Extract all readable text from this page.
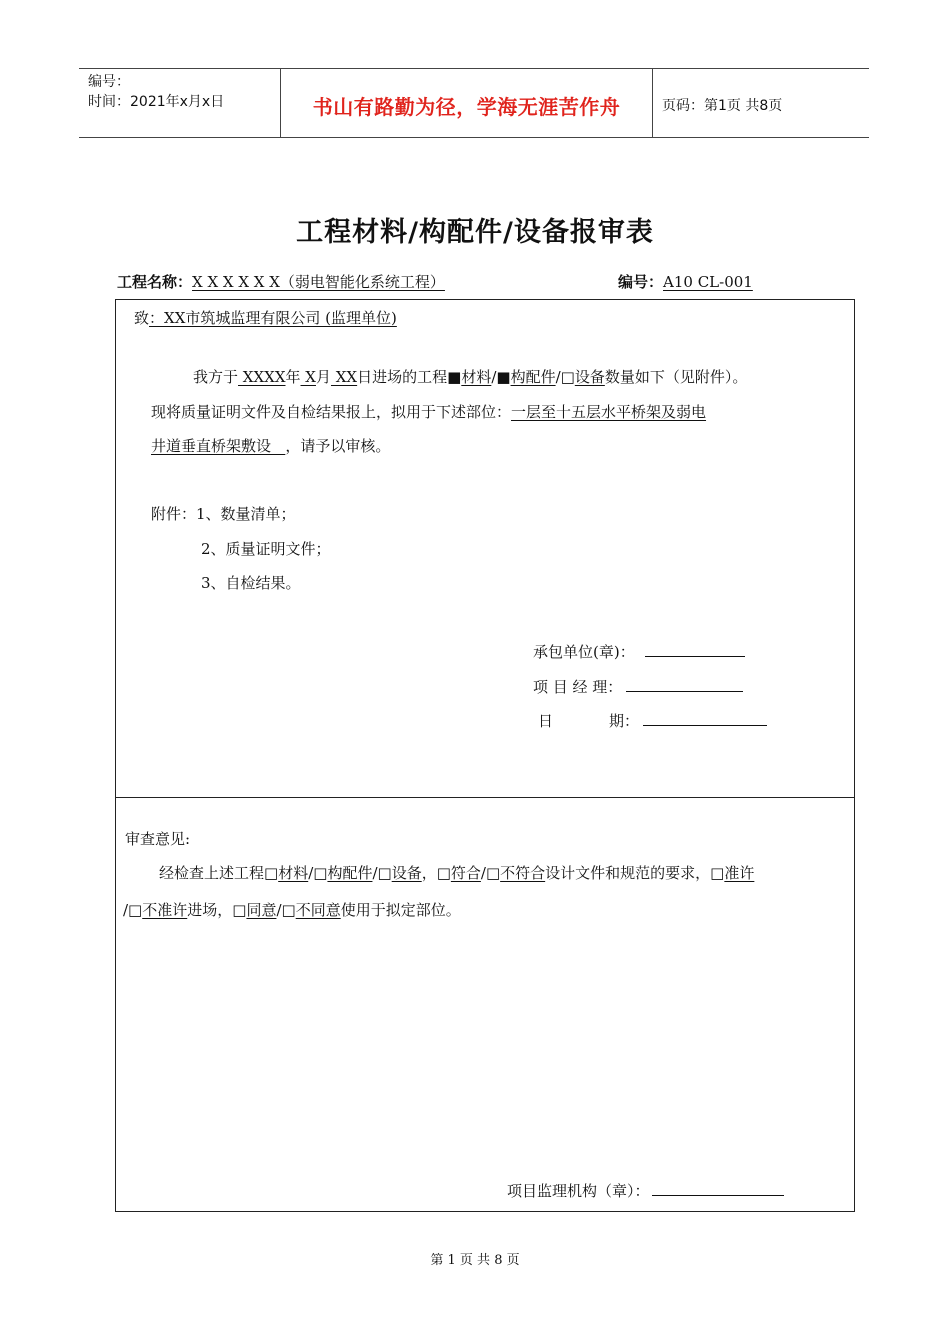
编号：
时间：2021年x月x日	书山有路勤为径，学海无涯苦作舟	页码：第1页 共8页
工程材料/构配件/设备报审表
工程名称：X X X X X X（弱电智能化系统工程）	编号：A10 CL-001
致：XX市筑城监理有限公司 (监理单位)
我方于 XXXX年 X月 XX日进场的工程■材料/■构配件/□设备数量如下（见附件）。
现将质量证明文件及自检结果报上，拟用于下述部位：一层至十五层水平桥架及弱电
井道垂直桥架敷设   ，请予以审核。
附件：1、数量清单；
2、质量证明文件；
3、自检结果。
承包单位(章)：
项 目 经 理：
日	期：
审查意见:
经检查上述工程□材料/□构配件/□设备，□符合/□不符合设计文件和规范的要求，□准许
/□不准许进场，□同意/□不同意使用于拟定部位。
项目监理机构（章）：
第 1 页 共 8 页
